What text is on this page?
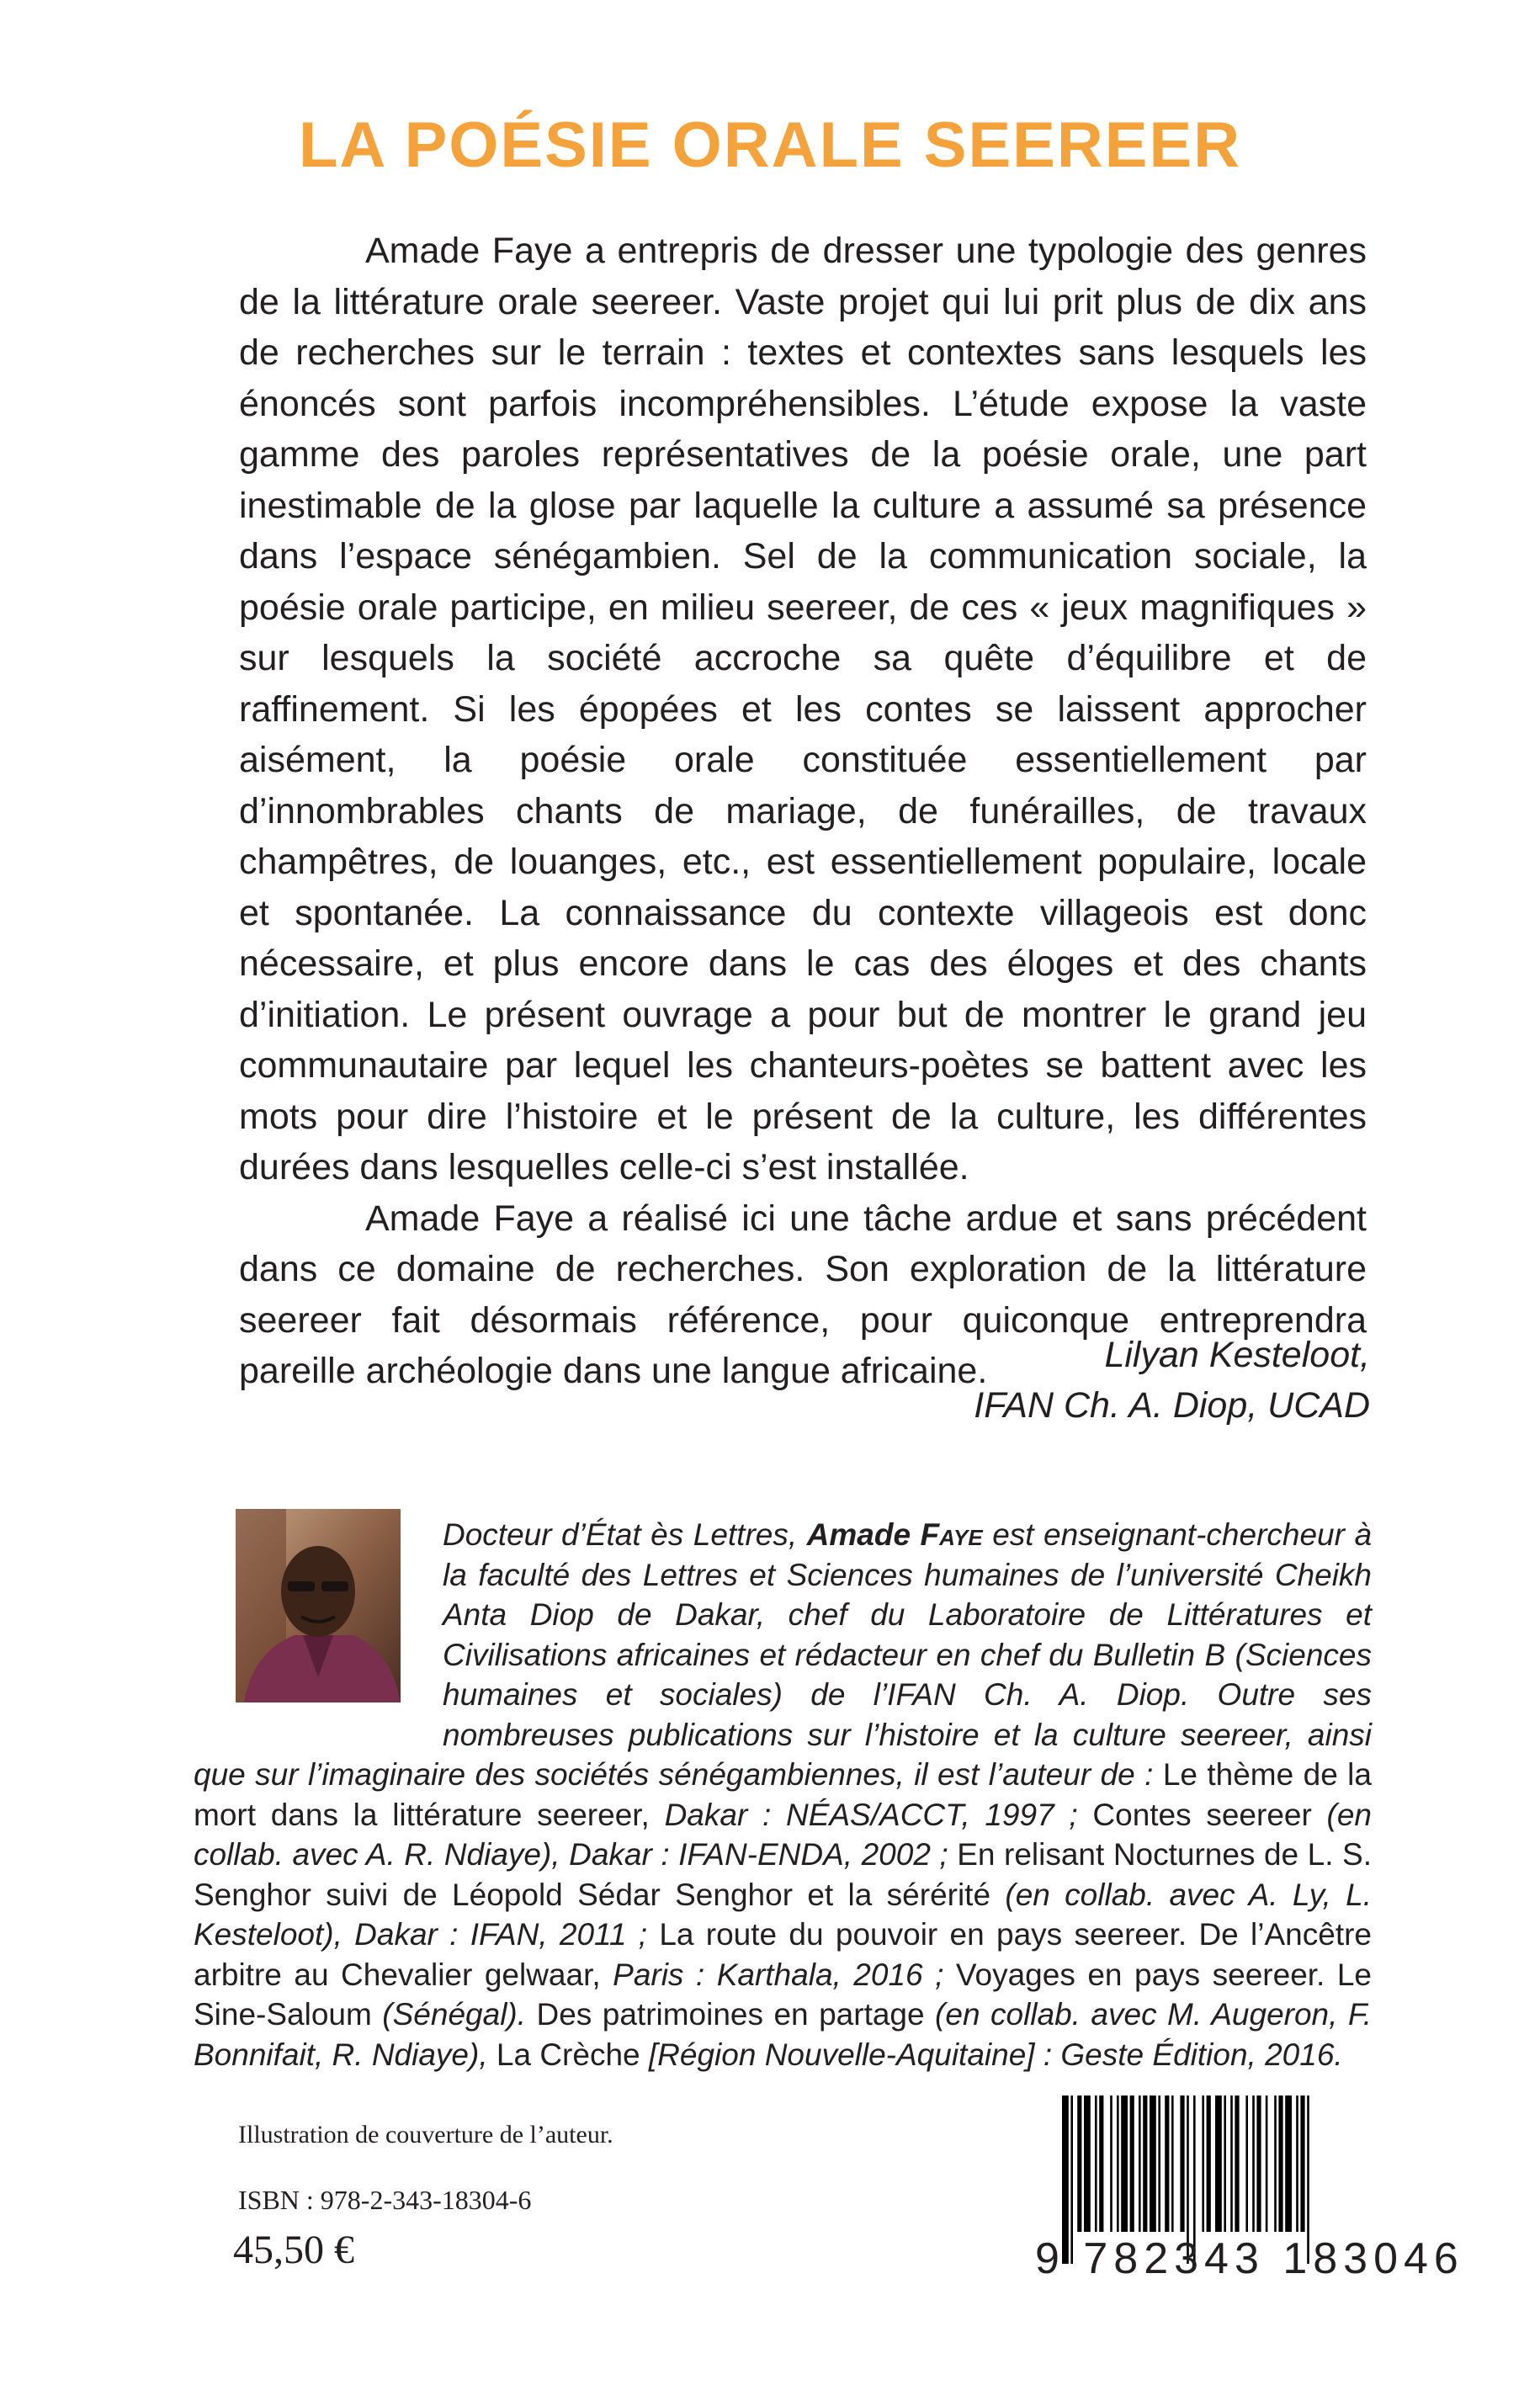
LA POÉSIE ORALE SEEREER

Amade Faye a entrepris de dresser une typologie des genres de la littérature orale seereer. Vaste projet qui lui prit plus de dix ans de recherches sur le terrain : textes et contextes sans lesquels les énoncés sont parfois incompréhensibles. L’étude expose la vaste gamme des paroles représentatives de la poésie orale, une part inestimable de la glose par laquelle la culture a assumé sa présence dans l’espace sénégambien. Sel de la communication sociale, la poésie orale participe, en milieu seereer, de ces « jeux magnifiques » sur lesquels la société accroche sa quête d’équilibre et de raffinement. Si les épopées et les contes se laissent approcher aisément, la poésie orale constituée essentiellement par d’innombrables chants de mariage, de funérailles, de travaux champêtres, de louanges, etc., est essentiellement populaire, locale et spontanée. La connaissance du contexte villageois est donc nécessaire, et plus encore dans le cas des éloges et des chants d’initiation. Le présent ouvrage a pour but de montrer le grand jeu communautaire par lequel les chanteurs-poètes se battent avec les mots pour dire l’histoire et le présent de la culture, les différentes durées dans lesquelles celle-ci s’est installée.

Amade Faye a réalisé ici une tâche ardue et sans précédent dans ce domaine de recherches. Son exploration de la littérature seereer fait désormais référence, pour quiconque entreprendra pareille archéologie dans une langue africaine.	Lilyan Kesteloot,
IFAN Ch. A. Diop, UCAD
Docteur d’État ès Lettres, Amade Faye est enseignant-chercheur à la faculté des Lettres et Sciences humaines de l’université Cheikh Anta Diop de Dakar, chef du Laboratoire de Littératures et Civilisations africaines et rédacteur en chef du Bulletin B (Sciences humaines et sociales) de l’IFAN Ch. A. Diop. Outre ses nombreuses publications sur l’histoire et la culture seereer, ainsi que sur l’imaginaire des sociétés sénégambiennes, il est l’auteur de : Le thème de la mort dans la littérature seereer, Dakar : NÉAS/ACCT, 1997 ; Contes seereer (en collab. avec A. R. Ndiaye), Dakar : IFAN-ENDA, 2002 ; En relisant Nocturnes de L. S. Senghor suivi de Léopold Sédar Senghor et la sérérité (en collab. avec A. Ly, L. Kesteloot), Dakar : IFAN, 2011 ; La route du pouvoir en pays seereer. De l’Ancêtre arbitre au Chevalier gelwaar, Paris : Karthala, 2016 ; Voyages en pays seereer. Le Sine-Saloum (Sénégal). Des patrimoines en partage (en collab. avec M. Augeron, F. Bonnifait, R. Ndiaye), La Crèche [Région Nouvelle-Aquitaine] : Geste Édition, 2016.
Illustration de couverture de l’auteur.
ISBN : 978-2-343-18304-6
45,50 €	9 782343 183046
